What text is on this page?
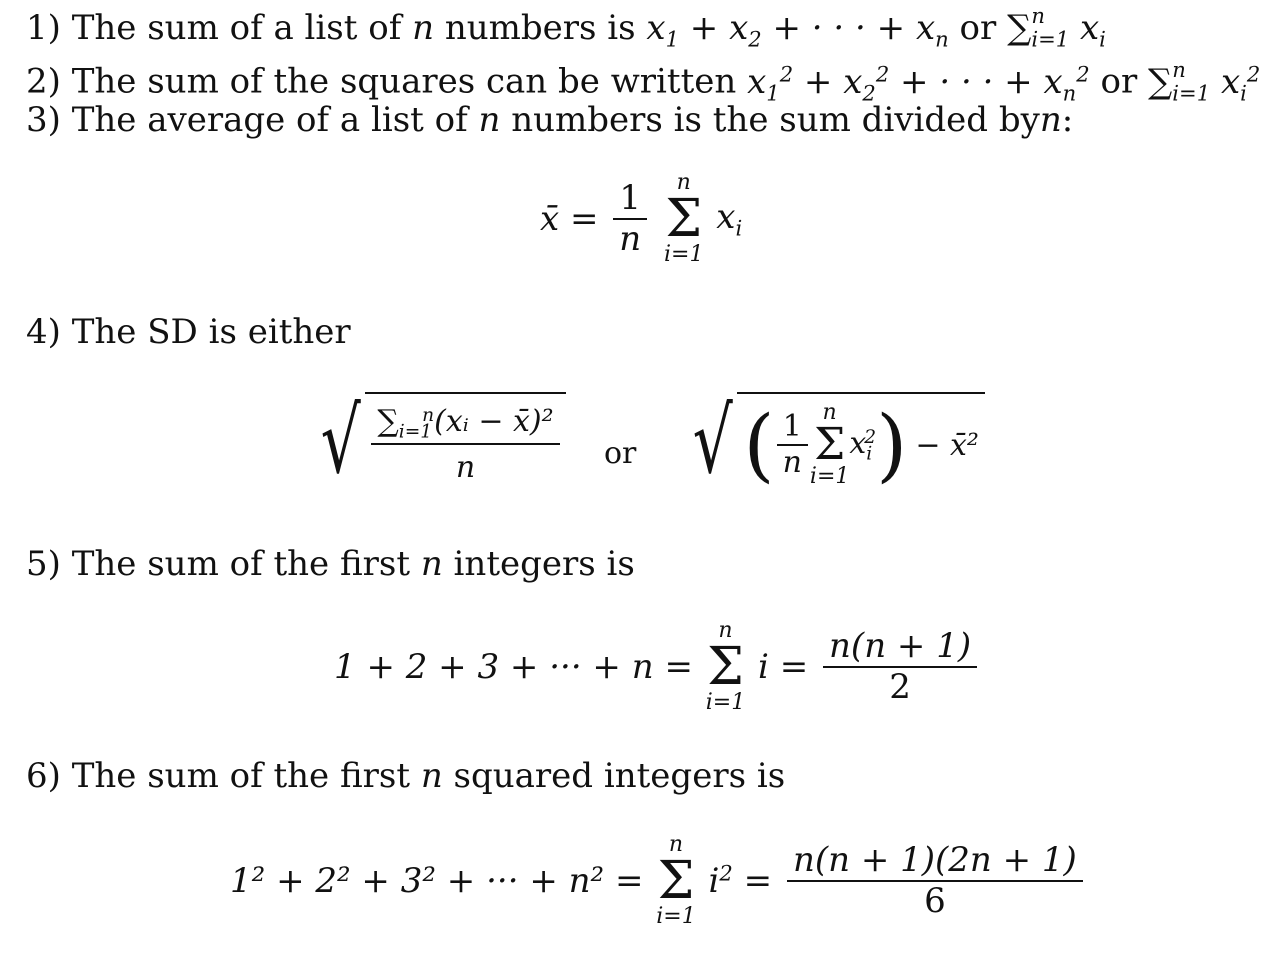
1) The sum of a list of n numbers is $x_1 + x_2$ + · · · + $x_n$ or ∑ n
$_{i=1}$ $x_i$
2) The sum of the squares can be written $x_1^2 + x_2^2$ + · · · + $x_n^2$ or ∑ n
$_{i=1}$ $x_i^2$
3) The average of a list of n numbers is the sum divided byn:
x̄ = $\frac{1}{n}$
n
Σ
i=1
$x_i$
4) The SD is either
√ $\frac{\sum_{i=1}^n(xᵢ - x̄)^2}{n}$ or √ ( $\frac{1}{n}$ n
Σ
i=1
$x_i^2$ ) − x̄²
5) The sum of the first n integers is
1 + 2 + 3 + ··· + n =
n
Σ
i=1
$i = \frac{n(n + 1)}{2}$
6) The sum of the first n squared integers is
1² + 2² + 3² + ··· + n² =
n
Σ
i=1
$i^2 = \frac{n(n + 1)(2n + 1)}{6}$
